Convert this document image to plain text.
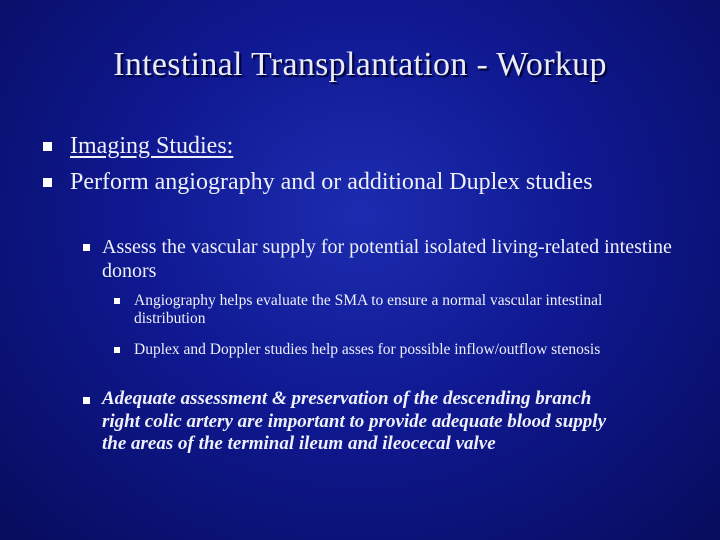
Intestinal Transplantation - Workup
Imaging Studies:
Perform angiography and or additional Duplex studies
Assess the vascular supply for potential isolated living-related intestine donors
Angiography helps evaluate the SMA to ensure a normal vascular intestinal distribution
Duplex and Doppler studies help asses for possible inflow/outflow stenosis
Adequate assessment & preservation of the descending branch
right colic artery are important to provide adequate blood supply
the areas of the terminal ileum and ileocecal valve
